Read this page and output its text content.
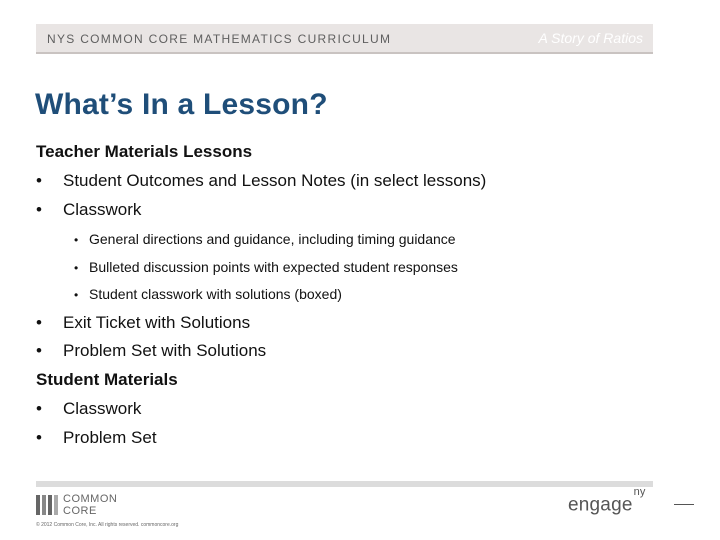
NYS COMMON CORE MATHEMATICS CURRICULUM	A Story of Ratios
What’s In a Lesson?
Teacher Materials Lessons
• Student Outcomes and Lesson Notes (in select lessons)
• Classwork
• General directions and guidance, including timing guidance
• Bulleted discussion points with expected student responses
• Student classwork with solutions (boxed)
• Exit Ticket with Solutions
• Problem Set with Solutions
Student Materials
• Classwork
• Problem Set
COMMON
CORE
© 2012 Common Core, Inc. All rights reserved. commoncore.org
engage$^{ny}$
